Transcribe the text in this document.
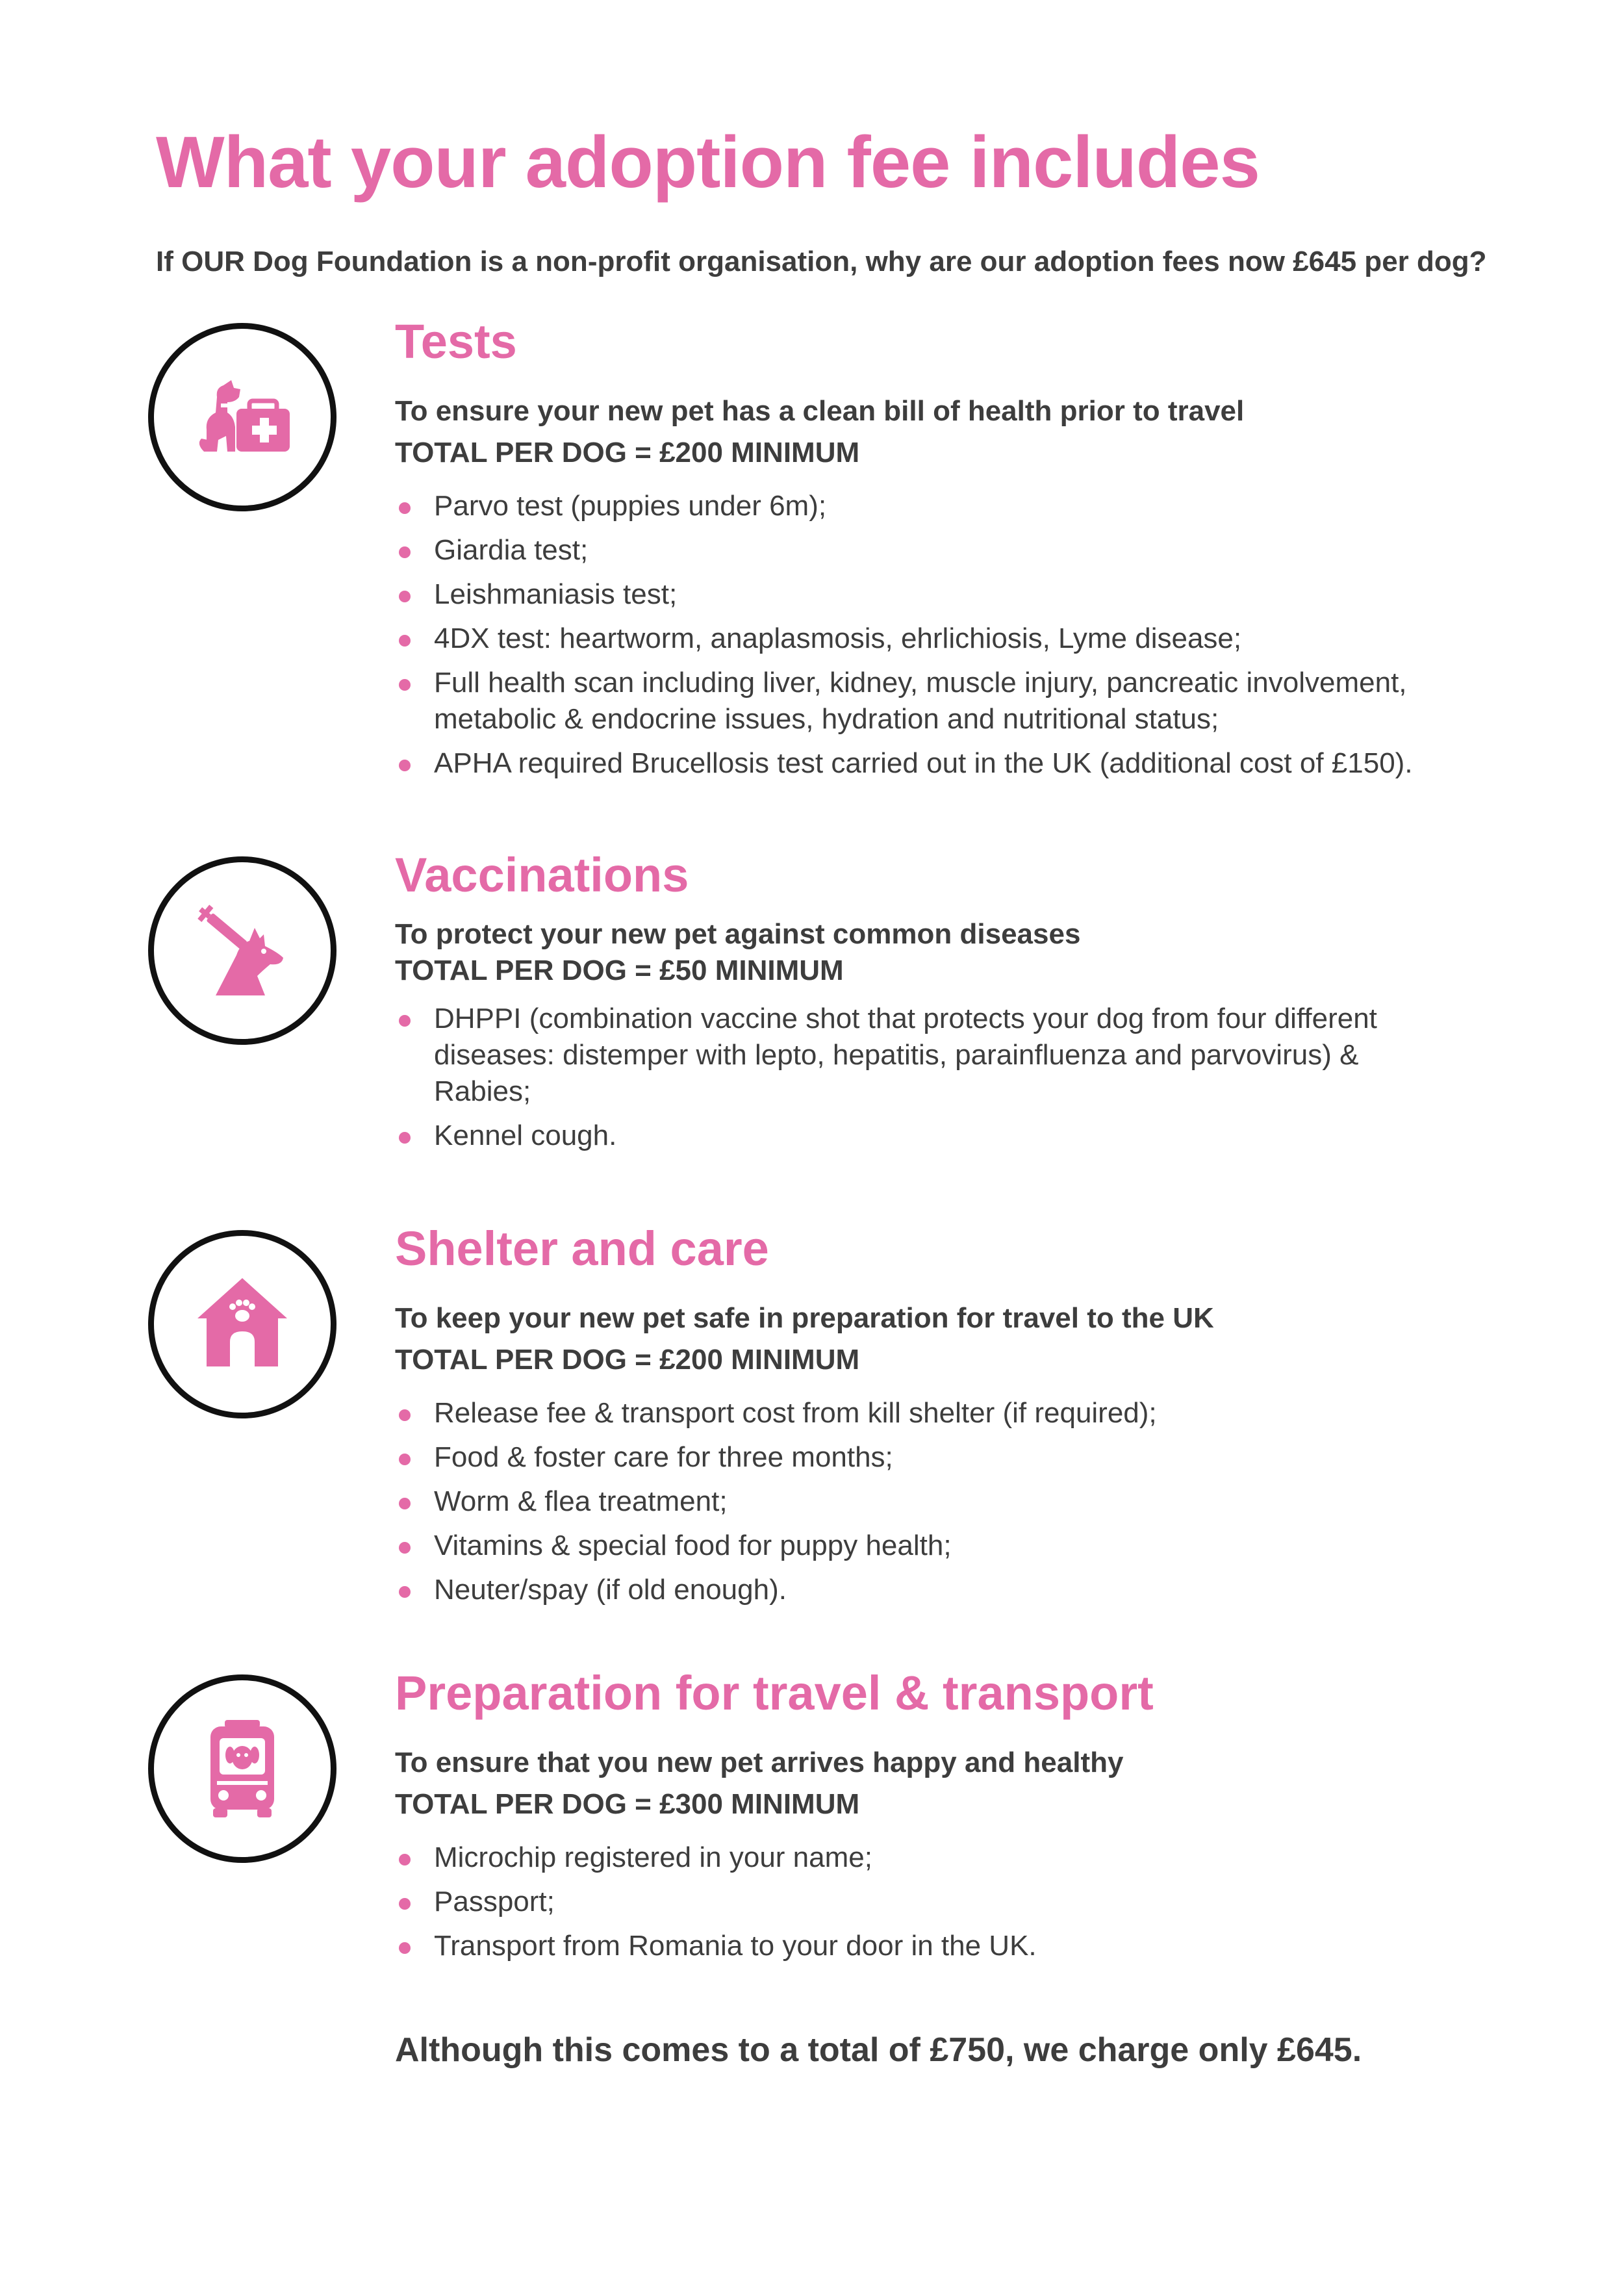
What your adoption fee includes
If OUR Dog Foundation is a non-profit organisation, why are our adoption fees now £645 per dog?
Tests
To ensure your new pet has a clean bill of health prior to travel
TOTAL PER DOG = £200 MINIMUM
Parvo test (puppies under 6m);
Giardia test;
Leishmaniasis test;
4DX test: heartworm, anaplasmosis, ehrlichiosis, Lyme disease;
Full health scan including liver, kidney, muscle injury, pancreatic involvement, metabolic & endocrine issues, hydration and nutritional status;
APHA required Brucellosis test carried out in the UK (additional cost of £150).
Vaccinations
To protect your new pet against common diseases
TOTAL PER DOG = £50 MINIMUM
DHPPI (combination vaccine shot that protects your dog from four different diseases: distemper with lepto, hepatitis, parainfluenza and parvovirus) & Rabies;
Kennel cough.
Shelter and care
To keep your new pet safe in preparation for travel to the UK
TOTAL PER DOG = £200 MINIMUM
Release fee & transport cost from kill shelter (if required);
Food & foster care for three months;
Worm & flea treatment;
Vitamins & special food for puppy health;
Neuter/spay (if old enough).
Preparation for travel & transport
To ensure that you new pet arrives happy and healthy
TOTAL PER DOG = £300 MINIMUM
Microchip registered in your name;
Passport;
Transport from Romania to your door in the UK.
Although this comes to a total of £750, we charge only £645.
